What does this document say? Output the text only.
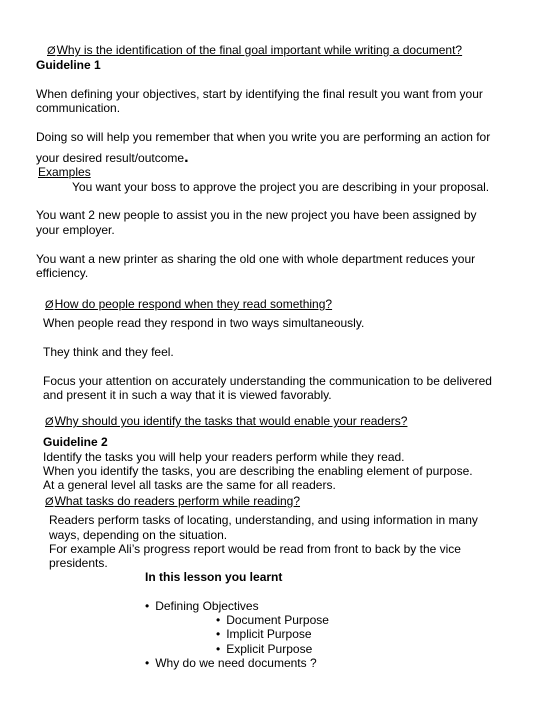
ØWhy is the identification of the final goal important while writing a document?
Guideline 1
When defining your objectives, start by identifying the final result you want from your
communication.
Doing so will help you remember that when you write you are performing an action for
your desired result/outcome.
Examples
You want your boss to approve the project you are describing in your proposal.
You want 2 new people to assist you in the new project you have been assigned by
your employer.
You want a new printer as sharing the old one with whole department reduces your
efficiency.
ØHow do people respond when they read something?
When people read they respond in two ways simultaneously.
They think and they feel.
Focus your attention on accurately understanding the communication to be delivered
and present it in such a way that it is viewed favorably.
ØWhy should you identify the tasks that would enable your readers?
Guideline 2
Identify the tasks you will help your readers perform while they read.
When you identify the tasks, you are describing the enabling element of purpose.
At a general level all tasks are the same for all readers.
ØWhat tasks do readers perform while reading?
Readers perform tasks of locating, understanding, and using information in many
ways, depending on the situation.
For example Ali’s progress report would be read from front to back by the vice
presidents.
In this lesson you learnt
• Defining Objectives
• Document Purpose
• Implicit Purpose
• Explicit Purpose
• Why do we need documents ?
